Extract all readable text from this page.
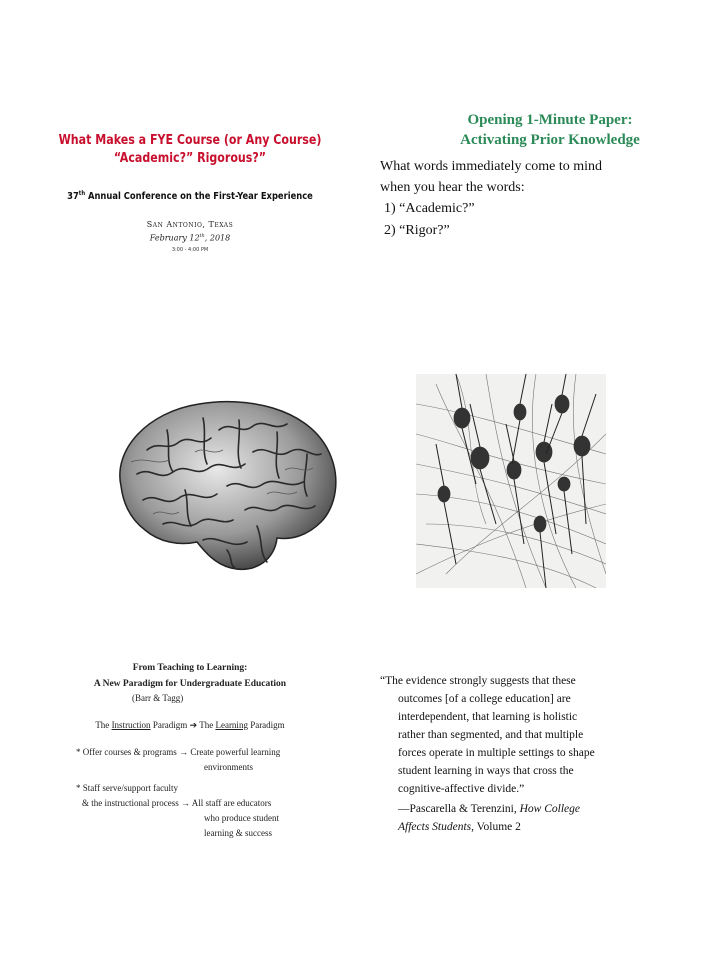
What Makes a FYE Course (or Any Course)
“Academic?” Rigorous?”
37th Annual Conference on the First-Year Experience
San Antonio, Texas
February 12th, 2018
3:00 - 4:00 PM
Opening 1-Minute Paper:
Activating Prior Knowledge
What words immediately come to mind
when you hear the words:
1) “Academic?”
2) “Rigor?”
From Teaching to Learning:
A New Paradigm for Undergraduate Education
(Barr & Tagg)
The Instruction Paradigm ➔ The Learning Paradigm
* Offer courses & programs → Create powerful learning
environments
* Staff serve/support faculty
& the instructional process → All staff are educators
who produce student
learning & success
“The evidence strongly suggests that these
outcomes [of a college education] are
interdependent, that learning is holistic
rather than segmented, and that multiple
forces operate in multiple settings to shape
student learning in ways that cross the
cognitive-affective divide.”
—Pascarella & Terenzini, How College
Affects Students, Volume 2
